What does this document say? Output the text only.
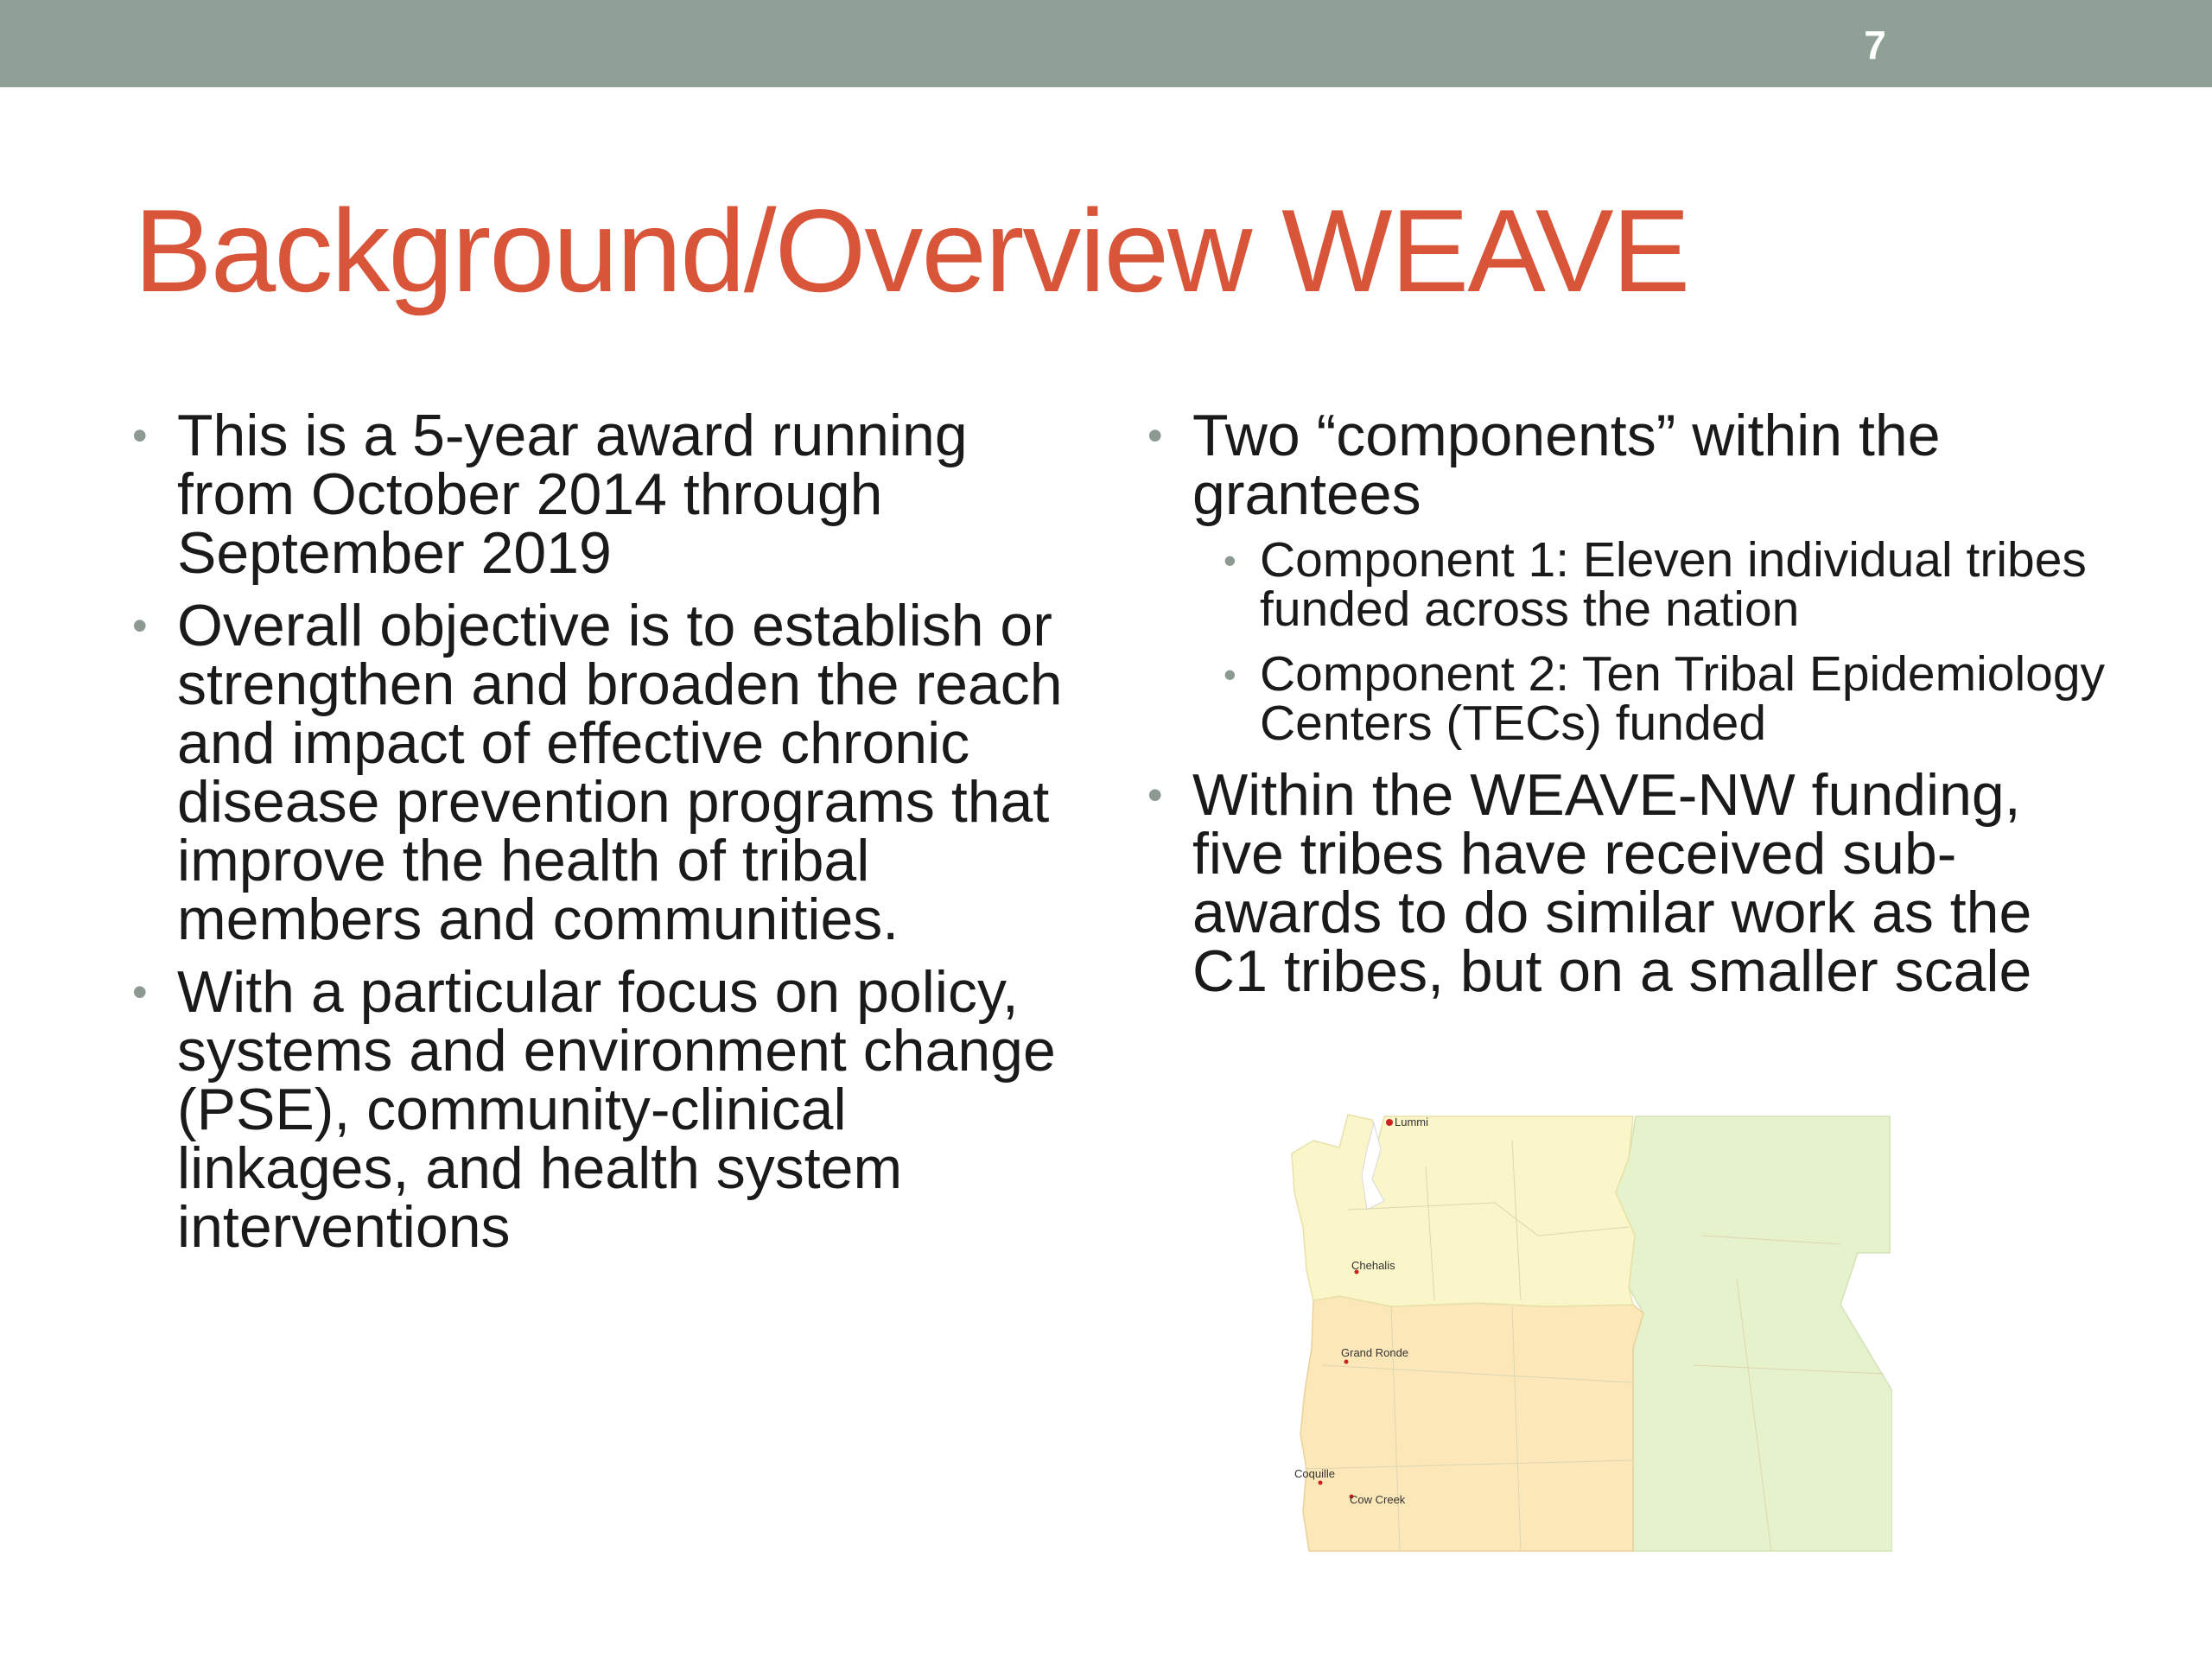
7
Background/Overview WEAVE
• This is a 5-year award running from October 2014 through September 2019
• Overall objective is to establish or strengthen and broaden the reach and impact of effective chronic disease prevention programs that improve the health of tribal members and communities.
• With a particular focus on policy, systems and environment change (PSE), community-clinical linkages, and health system interventions
• Two “components” within the grantees
• Component 1: Eleven individual tribes funded across the nation
• Component 2: Ten Tribal Epidemiology Centers (TECs) funded
• Within the WEAVE-NW funding, five tribes have received sub-awards to do similar work as the C1 tribes, but on a smaller scale
Lummi
Chehalis
Grand Ronde
Coquille
Cow Creek
